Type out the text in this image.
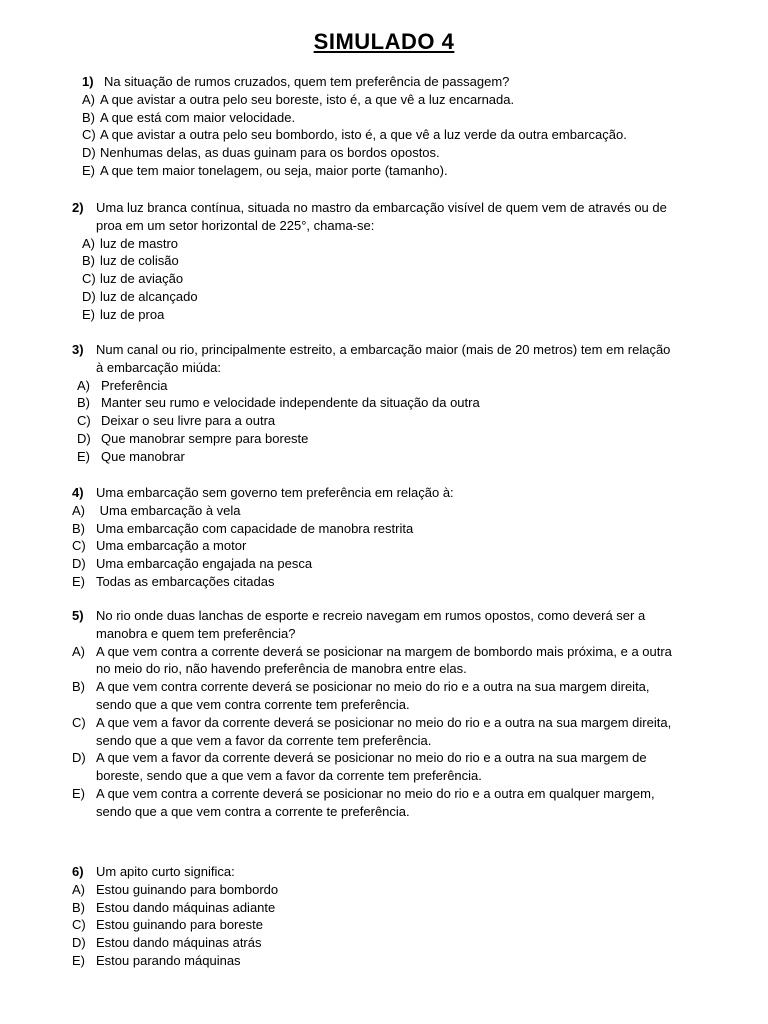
SIMULADO 4
1) Na situação de rumos cruzados, quem tem preferência de passagem?
A) A que avistar a outra pelo seu boreste, isto é, a que vê a luz encarnada.
B) A que está com maior velocidade.
C) A que avistar a outra pelo seu bombordo, isto é, a que vê a luz verde da outra embarcação.
D) Nenhumas delas, as duas guinam para os bordos opostos.
E) A que tem maior tonelagem, ou seja, maior porte (tamanho).
2) Uma luz branca contínua, situada no mastro da embarcação visível de quem vem de através ou de
proa em um setor horizontal de 225°, chama-se:
A) luz de mastro
B) luz de colisão
C) luz de aviação
D) luz de alcançado
E) luz de proa
3) Num canal ou rio, principalmente estreito, a embarcação maior (mais de 20 metros) tem em relação
à embarcação miúda:
A) Preferência
B) Manter seu rumo e velocidade independente da situação da outra
C) Deixar o seu livre para a outra
D) Que manobrar sempre para boreste
E) Que manobrar
4) Uma embarcação sem governo tem preferência em relação à:
A) Uma embarcação à vela
B) Uma embarcação com capacidade de manobra restrita
C) Uma embarcação a motor
D) Uma embarcação engajada na pesca
E) Todas as embarcações citadas
5) No rio onde duas lanchas de esporte e recreio navegam em rumos opostos, como deverá ser a
manobra e quem tem preferência?
A) A que vem contra a corrente deverá se posicionar na margem de bombordo mais próxima, e a outra
no meio do rio, não havendo preferência de manobra entre elas.
B) A que vem contra corrente deverá se posicionar no meio do rio e a outra na sua margem direita,
sendo que a que vem contra corrente tem preferência.
C) A que vem a favor da corrente deverá se posicionar no meio do rio e a outra na sua margem direita,
sendo que a que vem a favor da corrente tem preferência.
D) A que vem a favor da corrente deverá se posicionar no meio do rio e a outra na sua margem de
boreste, sendo que a que vem a favor da corrente tem preferência.
E) A que vem contra a corrente deverá se posicionar no meio do rio e a outra em qualquer margem,
sendo que a que vem contra a corrente te preferência.
6) Um apito curto significa:
A) Estou guinando para bombordo
B) Estou dando máquinas adiante
C) Estou guinando para boreste
D) Estou dando máquinas atrás
E) Estou parando máquinas
